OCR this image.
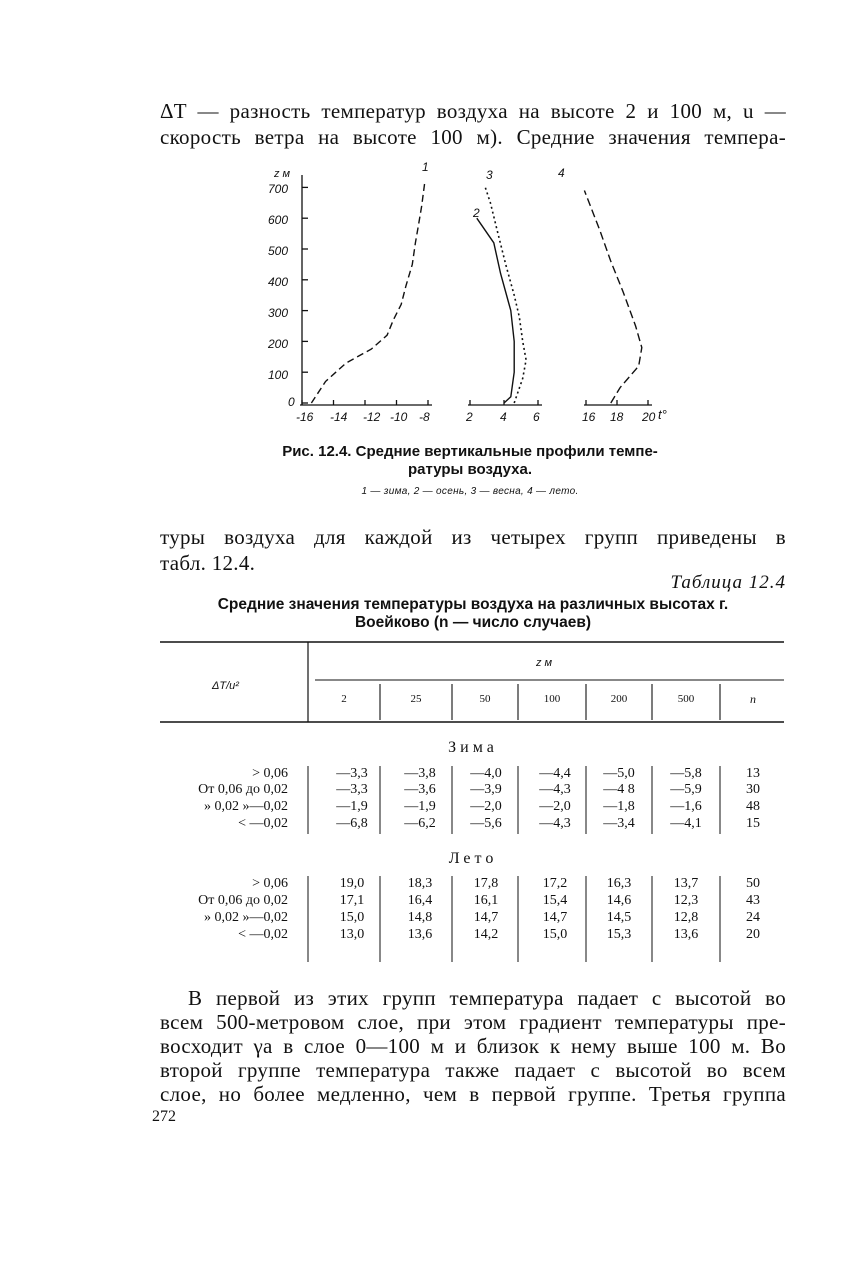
ΔT — разность температур воздуха на высоте 2 и 100 м, u —
скорость ветра на высоте 100 м). Средние значения темпера-
z м
700
600
500
400
300
200
100
0
-16 -14 -12 -10 -8	2 4 6	16 18 20 t°
1
2
3	4
Рис. 12.4. Средние вертикальные профили темпе-
ратуры воздуха.
1 — зима, 2 — осень, 3 — весна, 4 — лето.
туры воздуха для каждой из четырех групп приведены в
табл. 12.4.
Таблица 12.4
Средние значения температуры воздуха на различных высотах г.
Воейково (n — число случаев)
ΔT/u²
z м
2	25	50	100	200	500	n
Зима
> 0,06	—3,3	—3,8	—4,0	—4,4	—5,0	—5,8	13
От 0,06 до 0,02	—3,3	—3,6	—3,9	—4,3	—4 8	—5,9	30
» 0,02 »—0,02	—1,9	—1,9	—2,0	—2,0	—1,8	—1,6	48
< —0,02	—6,8	—6,2	—5,6	—4,3	—3,4	—4,1	15
Лето
> 0,06	19,0	18,3	17,8	17,2	16,3	13,7	50
От 0,06 до 0,02	17,1	16,4	16,1	15,4	14,6	12,3	43
» 0,02 »—0,02	15,0	14,8	14,7	14,7	14,5	12,8	24
< —0,02	13,0	13,6	14,2	15,0	15,3	13,6	20
В первой из этих групп температура падает с высотой во
всем 500-метровом слое, при этом градиент температуры пре-
восходит γa в слое 0—100 м и близок к нему выше 100 м. Во
второй группе температура также падает с высотой во всем
слое, но более медленно, чем в первой группе. Третья группа
272
